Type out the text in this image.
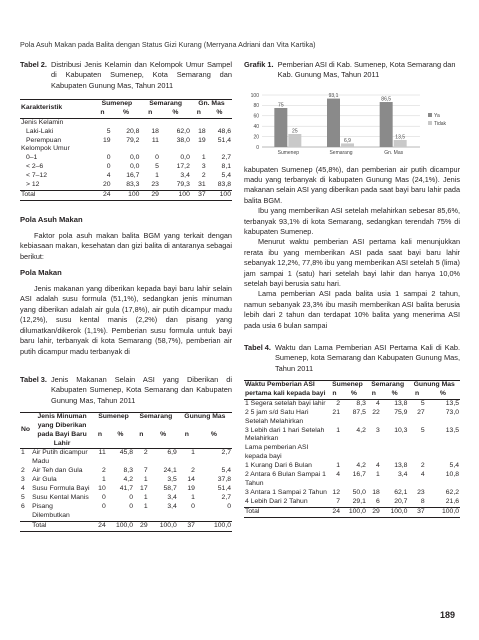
Pola Asuh Makan pada Balita dengan Status Gizi Kurang (Merryana Adriani dan Vita Kartika)
Tabel 2. Distribusi Jenis Kelamin dan Kelompok Umur Sampel di Kabupaten Sumenep, Kota Semarang dan Kabupaten Gunung Mas, Tahun 2011
Karakteristik	Sumenep		Semarang		Gn. Mas	
	n	%	n	%	n	%
Jenis Kelamin						
Laki-Laki	5	20,8	18	62,0	18	48,6
Perempuan	19	79,2	11	38,0	19	51,4
Kelompok Umur						
0–1	0	0,0	0	0,0	1	2,7
< 2–6	0	0,0	5	17,2	3	8,1
< 7–12	4	16,7	1	3,4	2	5,4
> 12	20	83,3	23	79,3	31	83,8
Total	24	100	29	100	37	100
Pola Asuh Makan

Faktor pola asuh makan balita BGM yang terkait dengan kebiasaan makan, kesehatan dan gizi balita di antaranya sebagai berikut:

Pola Makan

Jenis makanan yang diberikan kepada bayi baru lahir selain ASI adalah susu formula (51,1%), sedangkan jenis minuman yang diberikan adalah air gula (17,8%), air putih dicampur madu (12,2%), susu kental manis (2,2%) dan pisang yang dilumatkan/dikerok (1,1%). Pemberian susu formula untuk bayi baru lahir, terbanyak di kota Semarang (58,7%), pemberian air putih dicampur madu terbanyak di

Tabel 3. Jenis Makanan Selain ASI yang Diberikan di Kabupaten Sumenep, Kota Semarang dan Kabupaten Gunung Mas, Tahun 2011
No	Jenis Minuman yang Diberikan pada Bayi Baru Lahir	Sumenep		Semarang		Gunung Mas	
		n	%	n	%	n	%
1	Air Putih dicampur Madu	11	45,8	2	6,9	1	2,7
2	Air Teh dan Gula	2	8,3	7	24,1	2	5,4
3	Air Gula	1	4,2	1	3,5	14	37,8
4	Susu Formula Bayi	10	41,7	17	58,7	19	51,4
5	Susu Kental Manis	0	0	1	3,4	1	2,7
6	Pisang Dilembutkan	0	0	1	3,4	0	0
	Total	24	100,0	29	100,0	37	100,0
Grafik 1. Pemberian ASI di Kab. Sumenep, Kota Semarang dan Kab. Gunung Mas, Tahun 2011
0
20
40
60
80
100
75
25
Sumenep
93,1
6,9
Semarang
86,5
13,5
Gn. Mas
Ya
Tidak

kabupaten Sumenep (45,8%), dan pemberian air putih dicampur madu yang terbanyak di kabupaten Gunung Mas (24,1%). Jenis makanan selain ASI yang diberikan pada saat bayi baru lahir pada balita BGM.

Ibu yang memberikan ASI setelah melahirkan sebesar 85,6%, terbanyak 93,1% di kota Semarang, sedangkan terendah 75% di kabupaten Sumenep.

Menurut waktu pemberian ASI pertama kali menunjukkan rerata ibu yang memberikan ASI pada saat bayi baru lahir sebanyak 12,2%, 77,8% ibu yang memberikan ASI setelah 5 (lima) jam sampai 1 (satu) hari setelah bayi lahir dan hanya 10,0% setelah bayi berusia satu hari.

Lama pemberian ASI pada balita usia 1 sampai 2 tahun, namun sebanyak 23,3% ibu masih memberikan ASI balita berusia lebih dari 2 tahun dan terdapat 10% balita yang menerima ASI pada usia 6 bulan sampai

Tabel 4. Waktu dan Lama Pemberian ASI Pertama Kali di Kab. Sumenep, kota Semarang dan Kabupaten Gunung Mas, Tahun 2011
Waktu Pemberian ASI pertama kali kepada bayi	Sumenep		Semarang		Gunung Mas	
	n	%	n	%	n	%
1 Segera setelah bayi lahir	2	8,3	4	13,8	5	13,5
2 5 jam s/d Satu Hari Setelah Melahirkan	21	87,5	22	75,9	27	73,0
3 Lebih dari 1 hari Setelah Melahirkan	1	4,2	3	10,3	5	13,5
Lama pemberian ASI kepada bayi						
1 Kurang Dari 6 Bulan	1	4,2	4	13,8	2	5,4
2 Antara 6 Bulan Sampai 1 Tahun	4	16,7	1	3,4	4	10,8
3 Antara 1 Sampai 2 Tahun	12	50,0	18	62,1	23	62,2
4 Lebih Dari 2 Tahun	7	29,1	6	20,7	8	21,6
Total	24	100,0	29	100,0	37	100,0
189
